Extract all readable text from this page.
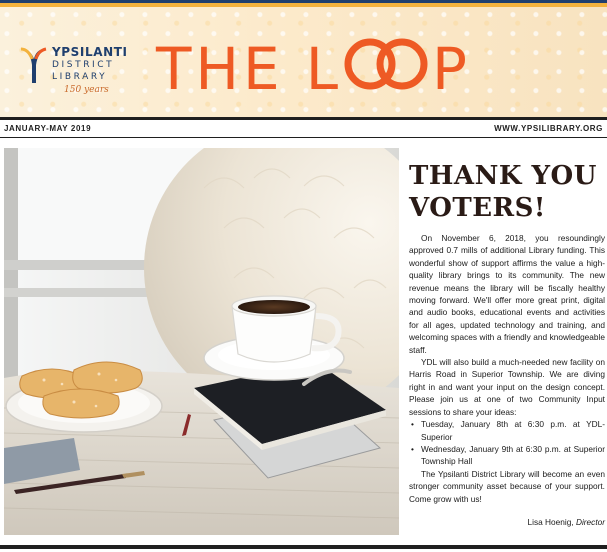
YPSILANTI
DISTRICT
LIBRARY
150 years THE L P
JANUARY-MAY 2019	WWW.YPSILIBRARY.ORG
THANK YOU VOTERS!

On November 6, 2018, you resoundingly approved 0.7 mills of additional Library funding. This wonderful show of support affirms the value a high-quality library brings to its community. The new revenue means the library will be fiscally healthy moving forward. We'll offer more great print, digital and audio books, educational events and activities for all ages, updated technology and training, and welcoming spaces with a friendly and knowledgeable staff.

YDL will also build a much-needed new facility on Harris Road in Superior Township. We are diving right in and want your input on the design concept. Please join us at one of two Community Input sessions to share your ideas:

• Tuesday, January 8th at 6:30 p.m. at YDL-Superior
• Wednesday, January 9th at 6:30 p.m. at Superior Township Hall

The Ypsilanti District Library will become an even stronger community asset because of your support. Come grow with us!

Lisa Hoenig, Director
